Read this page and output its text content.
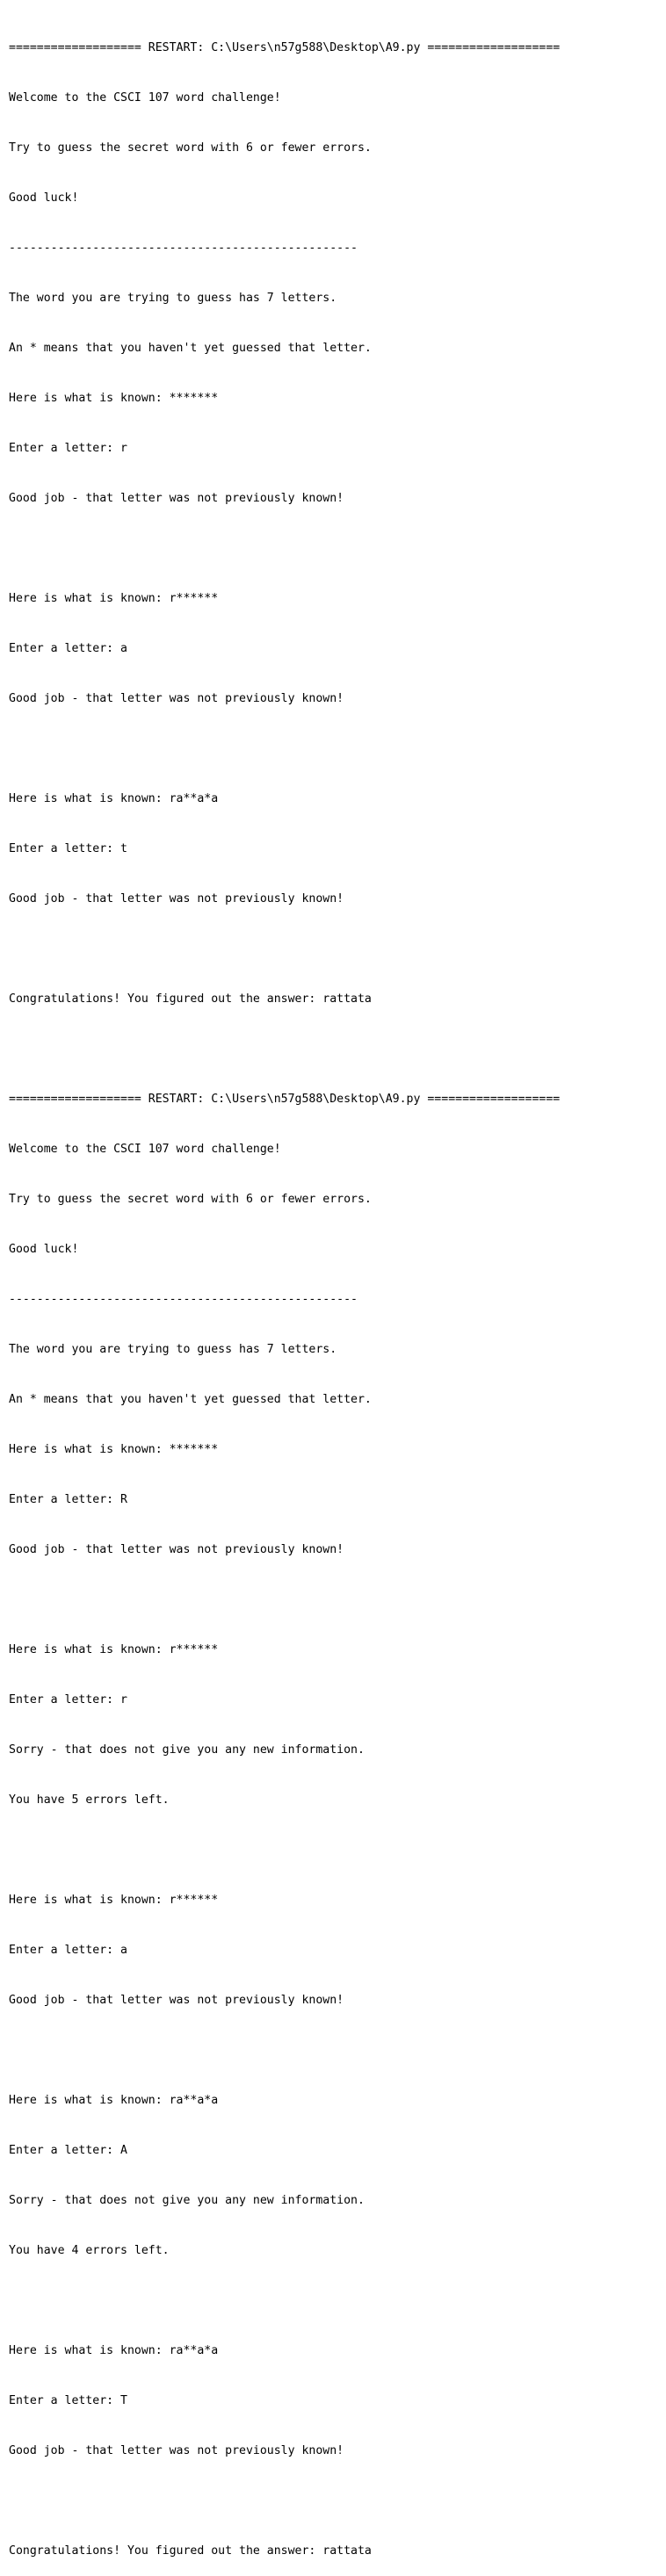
=================== RESTART: C:\Users\n57g588\Desktop\A9.py ===================

Welcome to the CSCI 107 word challenge!

Try to guess the secret word with 6 or fewer errors.

Good luck!

--------------------------------------------------

The word you are trying to guess has 7 letters.

An * means that you haven't yet guessed that letter.

Here is what is known: *******

Enter a letter: r

Good job - that letter was not previously known!

Here is what is known: r******

Enter a letter: a

Good job - that letter was not previously known!

Here is what is known: ra**a*a

Enter a letter: t

Good job - that letter was not previously known!

Congratulations! You figured out the answer: rattata

=================== RESTART: C:\Users\n57g588\Desktop\A9.py ===================

Welcome to the CSCI 107 word challenge!

Try to guess the secret word with 6 or fewer errors.

Good luck!

--------------------------------------------------

The word you are trying to guess has 7 letters.

An * means that you haven't yet guessed that letter.

Here is what is known: *******

Enter a letter: R

Good job - that letter was not previously known!

Here is what is known: r******

Enter a letter: r

Sorry - that does not give you any new information.

You have 5 errors left.

Here is what is known: r******

Enter a letter: a

Good job - that letter was not previously known!

Here is what is known: ra**a*a

Enter a letter: A

Sorry - that does not give you any new information.

You have 4 errors left.

Here is what is known: ra**a*a

Enter a letter: T

Good job - that letter was not previously known!

Congratulations! You figured out the answer: rattata
